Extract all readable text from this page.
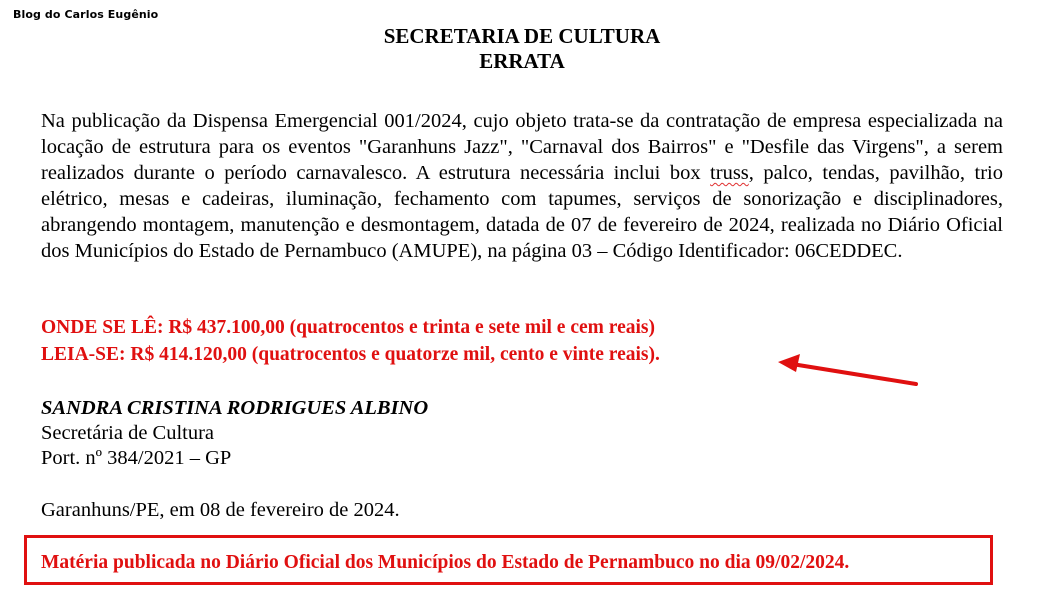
Blog do Carlos Eugênio
SECRETARIA DE CULTURA
ERRATA
Na publicação da Dispensa Emergencial 001/2024, cujo objeto trata-se da contratação de empresa especializada na locação de estrutura para os eventos "Garanhuns Jazz", "Carnaval dos Bairros" e "Desfile das Virgens", a serem realizados durante o período carnavalesco. A estrutura necessária inclui box truss, palco, tendas, pavilhão, trio elétrico, mesas e cadeiras, iluminação, fechamento com tapumes, serviços de sonorização e disciplinadores, abrangendo montagem, manutenção e desmontagem, datada de 07 de fevereiro de 2024, realizada no Diário Oficial dos Municípios do Estado de Pernambuco (AMUPE), na página 03 – Código Identificador: 06CEDDEC.
ONDE SE LÊ: R$ 437.100,00 (quatrocentos e trinta e sete mil e cem reais)
LEIA-SE: R$ 414.120,00 (quatrocentos e quatorze mil, cento e vinte reais).
SANDRA CRISTINA RODRIGUES ALBINO
Secretária de Cultura
Port. nº 384/2021 – GP
Garanhuns/PE, em 08 de fevereiro de 2024.
Matéria publicada no Diário Oficial dos Municípios do Estado de Pernambuco no dia 09/02/2024.
